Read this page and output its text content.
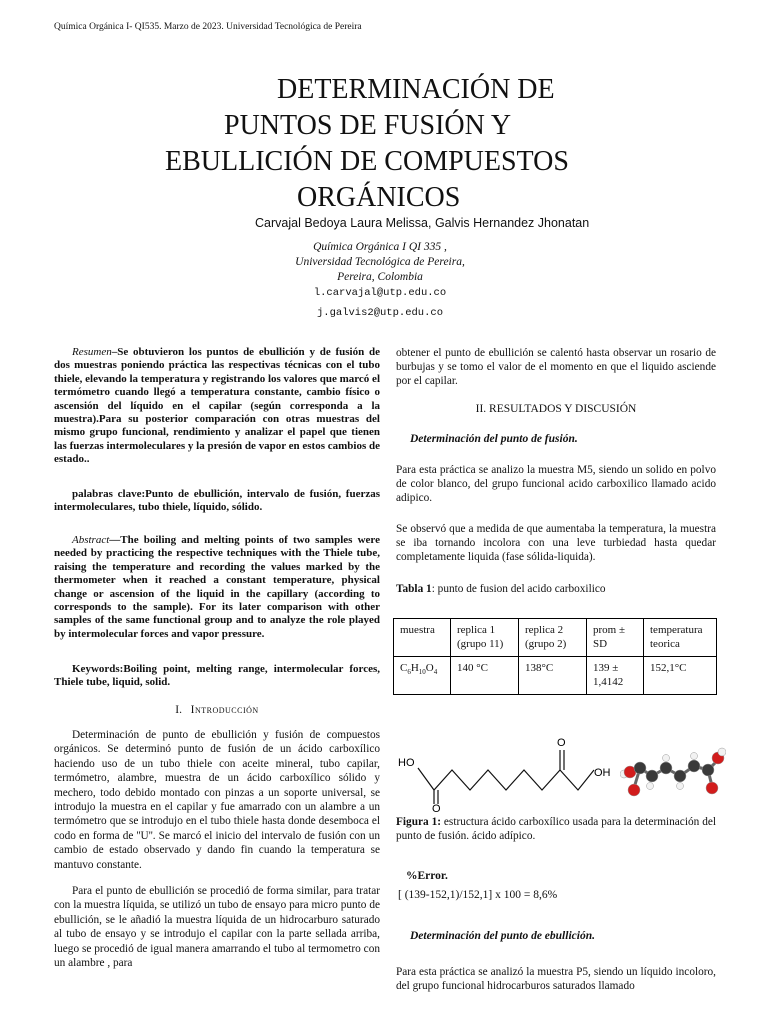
Química Orgánica I- QI535. Marzo de 2023. Universidad Tecnológica de Pereira
DETERMINACIÓN DE
PUNTOS DE FUSIÓN Y
EBULLICIÓN DE COMPUESTOS
ORGÁNICOS
Carvajal Bedoya Laura Melissa, Galvis Hernandez Jhonatan
Química Orgánica I QI 335 ,
Universidad Tecnológica de Pereira,
Pereira, Colombia
l.carvajal@utp.edu.co
j.galvis2@utp.edu.co

Resumen–Se obtuvieron los puntos de ebullición y de fusión de dos muestras poniendo práctica las respectivas técnicas con el tubo thiele, elevando la temperatura y registrando los valores que marcó el termómetro cuando llegó a temperatura constante, cambio físico o ascensión del líquido en el capilar (según corresponda a la muestra).Para su posterior comparación con otras muestras del mismo grupo funcional, rendimiento y analizar el papel que tienen las fuerzas intermoleculares y la presión de vapor en estos cambios de estado..

palabras clave:Punto de ebullición, intervalo de fusión, fuerzas intermoleculares, tubo thiele, líquido, sólido.

Abstract—The boiling and melting points of two samples were needed by practicing the respective techniques with the Thiele tube, raising the temperature and recording the values marked by the thermometer when it reached a constant temperature, physical change or ascension of the liquid in the capillary (according to corresponds to the sample). For its later comparison with other samples of the same functional group and to analyze the role played by intermolecular forces and vapor pressure.

Keywords:Boiling point, melting range, intermolecular forces, Thiele tube, liquid, solid.

I. Introducción

Determinación de punto de ebullición y fusión de compuestos orgánicos. Se determinó punto de fusión de un ácido carboxílico haciendo uso de un tubo thiele con aceite mineral, tubo capilar, termómetro, alambre, muestra de un ácido carboxílico sólido y mechero, todo debido montado con pinzas a un soporte universal, se introdujo la muestra en el capilar y fue amarrado con un alambre a un termómetro que se introdujo en el tubo thiele hasta donde desemboca el codo en forma de ''U''. Se marcó el inicio del intervalo de fusión con un cambio de estado observado y dando fin cuando la temperatura se mantuvo constante.

Para el punto de ebullición se procedió de forma similar, para tratar con la muestra líquida, se utilizó un tubo de ensayo para micro punto de ebullición, se le añadió la muestra líquida de un hidrocarburo saturado al tubo de ensayo y se introdujo el capilar con la parte sellada arriba, luego se procedió de igual manera amarrando el tubo al termometro con un alambre , para

obtener el punto de ebullición se calentó hasta observar un rosario de burbujas y se tomo el valor de el momento en que el liquido asciende por el capilar.
II. RESULTADOS Y DISCUSIÓN
Determinación del punto de fusión.
Para esta práctica se analizo la muestra M5, siendo un solido en polvo de color blanco, del grupo funcional acido carboxilico llamado acido adipico.
Se observó que a medida de que aumentaba la temperatura, la muestra se iba tornando incolora con una leve turbiedad hasta quedar completamente liquida (fase sólida-liquida).
Tabla 1: punto de fusion del acido carboxilico
muestra	replica 1 (grupo 11)	replica 2 (grupo 2)	prom ± SD	temperatura teorica
$C_6H_{10}O_4$	140 °C	138°C	139 ± 1,4142	152,1°C
HO
OH
O
O
Figura 1: estructura ácido carboxílico usada para la determinación del punto de fusión. ácido adípico.
%Error.
[ (139-152,1)/152,1] x 100 = 8,6%
Determinación del punto de ebullición.
Para esta práctica se analizó la muestra P5, siendo un líquido incoloro, del grupo funcional hidrocarburos saturados llamado
